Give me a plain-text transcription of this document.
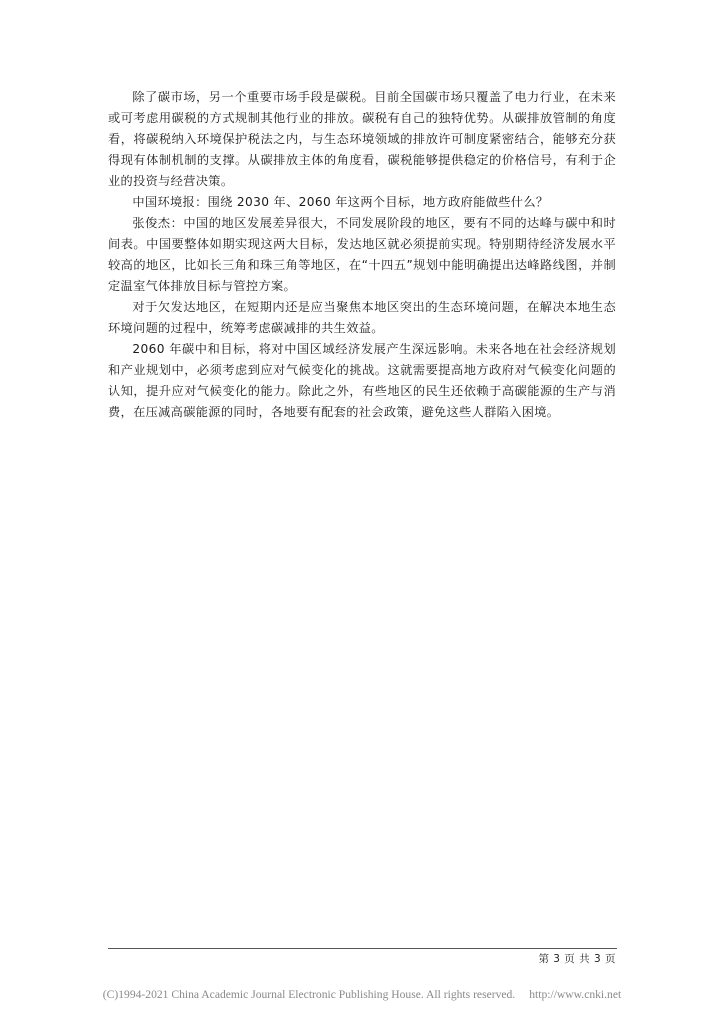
除了碳市场，另一个重要市场手段是碳税。目前全国碳市场只覆盖了电力行业，在未来或可考虑用碳税的方式规制其他行业的排放。碳税有自己的独特优势。从碳排放管制的角度看，将碳税纳入环境保护税法之内，与生态环境领域的排放许可制度紧密结合，能够充分获得现有体制机制的支撑。从碳排放主体的角度看，碳税能够提供稳定的价格信号，有利于企业的投资与经营决策。

中国环境报：围绕 2030 年、2060 年这两个目标，地方政府能做些什么？

张俊杰：中国的地区发展差异很大，不同发展阶段的地区，要有不同的达峰与碳中和时间表。中国要整体如期实现这两大目标，发达地区就必须提前实现。特别期待经济发展水平较高的地区，比如长三角和珠三角等地区，在“十四五”规划中能明确提出达峰路线图，并制定温室气体排放目标与管控方案。

对于欠发达地区，在短期内还是应当聚焦本地区突出的生态环境问题，在解决本地生态环境问题的过程中，统筹考虑碳减排的共生效益。

2060 年碳中和目标，将对中国区域经济发展产生深远影响。未来各地在社会经济规划和产业规划中，必须考虑到应对气候变化的挑战。这就需要提高地方政府对气候变化问题的认知，提升应对气候变化的能力。除此之外，有些地区的民生还依赖于高碳能源的生产与消费，在压减高碳能源的同时，各地要有配套的社会政策，避免这些人群陷入困境。

第 3 页 共 3 页
(C)1994-2021 China Academic Journal Electronic Publishing House. All rights reserved. http://www.cnki.net
